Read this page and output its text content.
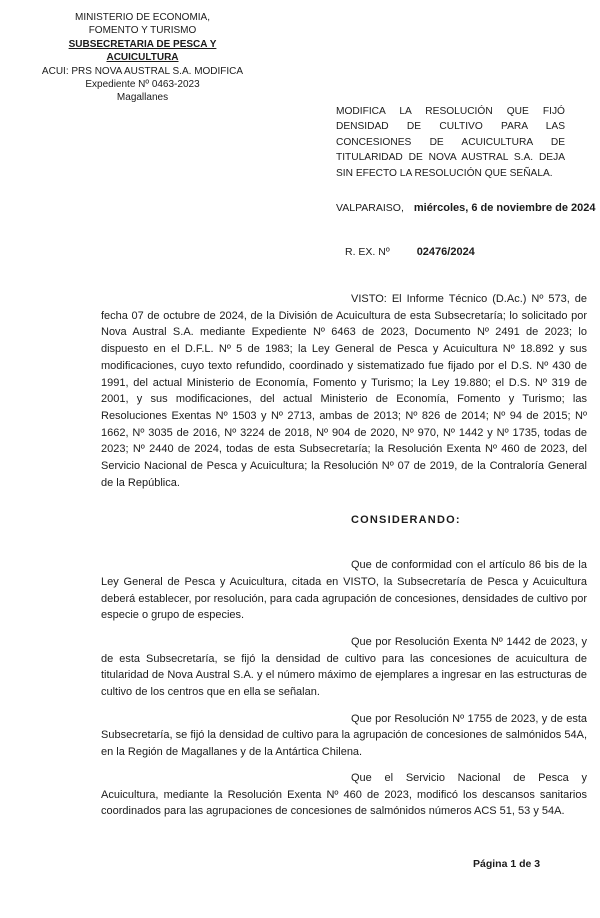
MINISTERIO DE ECONOMIA,
FOMENTO Y TURISMO
SUBSECRETARIA DE PESCA Y ACUICULTURA
ACUI: PRS NOVA AUSTRAL S.A. MODIFICA
Expediente Nº 0463-2023
Magallanes
MODIFICA LA RESOLUCIÓN QUE FIJÓ DENSIDAD DE CULTIVO PARA LAS CONCESIONES DE ACUICULTURA DE TITULARIDAD DE NOVA AUSTRAL S.A. DEJA SIN EFECTO LA RESOLUCIÓN QUE SEÑALA.
VALPARAISO, miércoles, 6 de noviembre de 2024
R. EX. Nº 02476/2024

VISTO: El Informe Técnico (D.Ac.) Nº 573, de fecha 07 de octubre de 2024, de la División de Acuicultura de esta Subsecretaría; lo solicitado por Nova Austral S.A. mediante Expediente Nº 6463 de 2023, Documento Nº 2491 de 2023; lo dispuesto en el D.F.L. Nº 5 de 1983; la Ley General de Pesca y Acuicultura Nº 18.892 y sus modificaciones, cuyo texto refundido, coordinado y sistematizado fue fijado por el D.S. Nº 430 de 1991, del actual Ministerio de Economía, Fomento y Turismo; la Ley 19.880; el D.S. Nº 319 de 2001, y sus modificaciones, del actual Ministerio de Economía, Fomento y Turismo; las Resoluciones Exentas Nº 1503 y Nº 2713, ambas de 2013; Nº 826 de 2014; Nº 94 de 2015; Nº 1662, Nº 3035 de 2016, Nº 3224 de 2018, Nº 904 de 2020, Nº 970, Nº 1442 y Nº 1735, todas de 2023; Nº 2440 de 2024, todas de esta Subsecretaría; la Resolución Exenta Nº 460 de 2023, del Servicio Nacional de Pesca y Acuicultura; la Resolución Nº 07 de 2019, de la Contraloría General de la República.

CONSIDERANDO:

Que de conformidad con el artículo 86 bis de la Ley General de Pesca y Acuicultura, citada en VISTO, la Subsecretaría de Pesca y Acuicultura deberá establecer, por resolución, para cada agrupación de concesiones, densidades de cultivo por especie o grupo de especies.

Que por Resolución Exenta Nº 1442 de 2023, y de esta Subsecretaría, se fijó la densidad de cultivo para las concesiones de acuicultura de titularidad de Nova Austral S.A. y el número máximo de ejemplares a ingresar en las estructuras de cultivo de los centros que en ella se señalan.

Que por Resolución Nº 1755 de 2023, y de esta Subsecretaría, se fijó la densidad de cultivo para la agrupación de concesiones de salmónidos 54A, en la Región de Magallanes y de la Antártica Chilena.

Que el Servicio Nacional de Pesca y Acuicultura, mediante la Resolución Exenta Nº 460 de 2023, modificó los descansos sanitarios coordinados para las agrupaciones de concesiones de salmónidos números ACS 51, 53 y 54A.

Página 1 de 3
